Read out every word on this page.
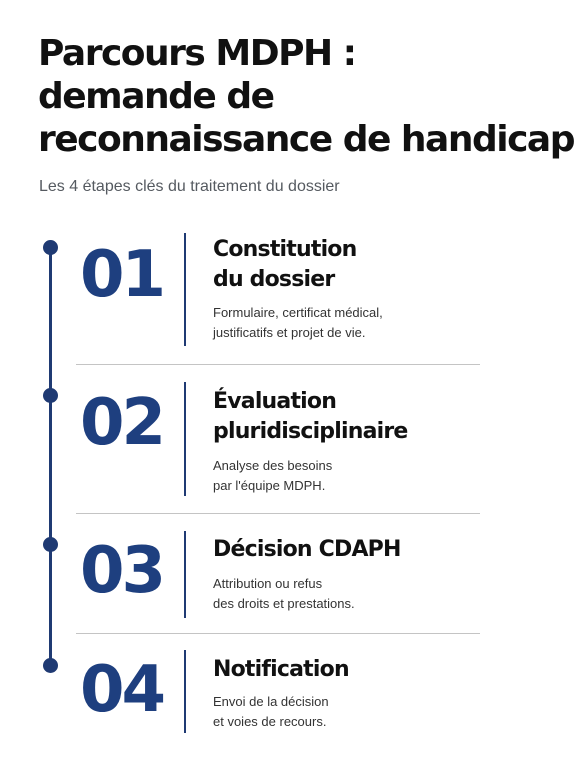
Parcours MDPH :
demande de
reconnaissance de handicap
Les 4 étapes clés du traitement du dossier
01	Constitution
du dossier
Formulaire, certificat médical,
justificatifs et projet de vie.
02	Évaluation
pluridisciplinaire
Analyse des besoins
par l'équipe MDPH.
03	Décision CDAPH
Attribution ou refus
des droits et prestations.
04	Notification
Envoi de la décision
et voies de recours.
